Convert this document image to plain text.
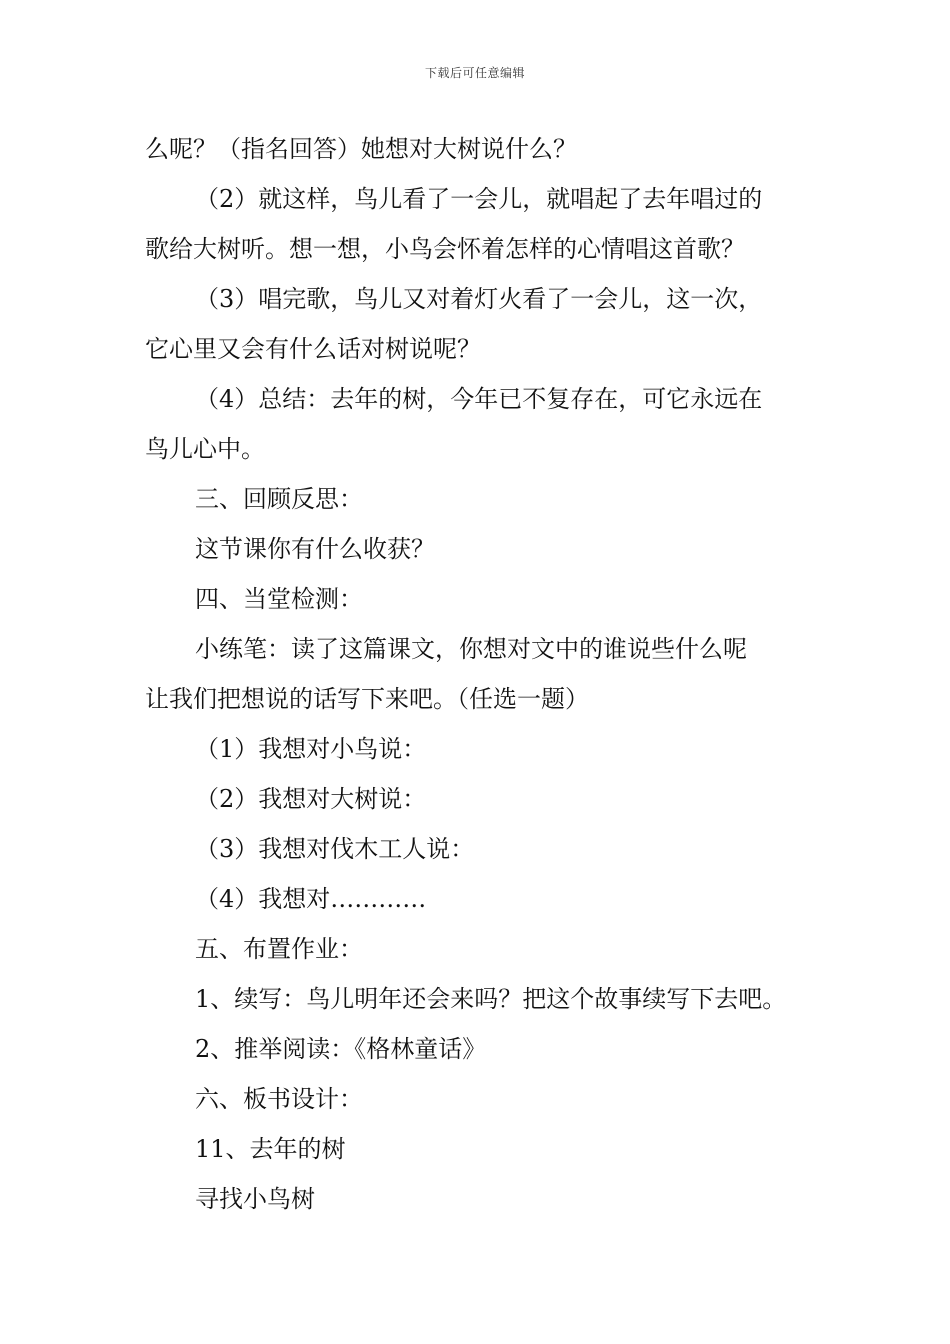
下载后可任意编辑
么呢？（指名回答）她想对大树说什么？
（2）就这样，鸟儿看了一会儿，就唱起了去年唱过的
歌给大树听。想一想，小鸟会怀着怎样的心情唱这首歌？
（3）唱完歌，鸟儿又对着灯火看了一会儿，这一次，
它心里又会有什么话对树说呢？
（4）总结：去年的树，今年已不复存在，可它永远在
鸟儿心中。
三、回顾反思：
这节课你有什么收获？
四、当堂检测：
小练笔：读了这篇课文，你想对文中的谁说些什么呢
让我们把想说的话写下来吧。（任选一题）
（1）我想对小鸟说：
（2）我想对大树说：
（3）我想对伐木工人说：
（4）我想对…………
五、布置作业：
1、续写：鸟儿明年还会来吗？把这个故事续写下去吧。
2、推举阅读：《格林童话》
六、板书设计：
11、去年的树
寻找小鸟树
